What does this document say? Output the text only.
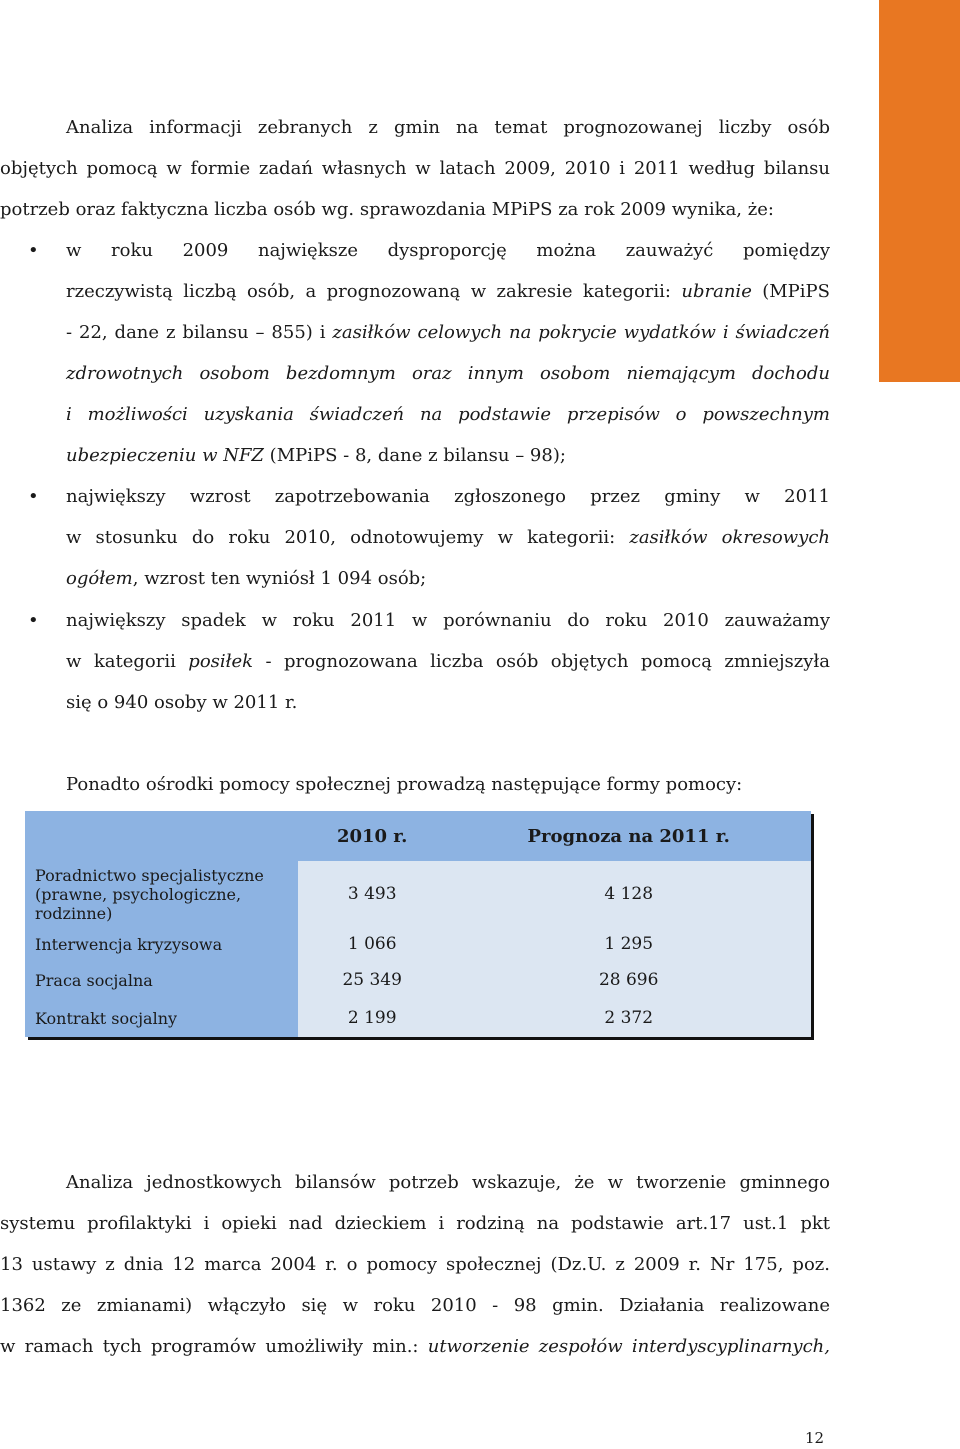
Analiza informacji zebranych z gmin na temat prognozowanej liczby osób
objętych pomocą w formie zadań własnych w latach 2009, 2010 i 2011 według bilansu
potrzeb oraz faktyczna liczba osób wg. sprawozdania MPiPS za rok 2009 wynika, że:
• w roku 2009 największe dysproporcję można zauważyć pomiędzy
rzeczywistą liczbą osób, a prognozowaną w zakresie kategorii: ubranie (MPiPS
- 22, dane z bilansu – 855) i zasiłków celowych na pokrycie wydatków i świadczeń
zdrowotnych osobom bezdomnym oraz innym osobom niemającym dochodu
i możliwości uzyskania świadczeń na podstawie przepisów o powszechnym
ubezpieczeniu w NFZ (MPiPS - 8, dane z bilansu – 98);
• największy wzrost zapotrzebowania zgłoszonego przez gminy w 2011
w stosunku do roku 2010, odnotowujemy w kategorii: zasiłków okresowych
ogółem, wzrost ten wyniósł 1 094 osób;
• największy spadek w roku 2011 w porównaniu do roku 2010 zauważamy
w kategorii posiłek - prognozowana liczba osób objętych pomocą zmniejszyła
się o 940 osoby w 2011 r.
Ponadto ośrodki pomocy społecznej prowadzą następujące formy pomocy:
	2010 r.	Prognoza na 2011 r.
Poradnictwo specjalistyczne (prawne, psychologiczne, rodzinne)	3 493	4 128
Interwencja kryzysowa	1 066	1 295
Praca socjalna	25 349	28 696
Kontrakt socjalny	2 199	2 372
Analiza jednostkowych bilansów potrzeb wskazuje, że w tworzenie gminnego
systemu profilaktyki i opieki nad dzieckiem i rodziną na podstawie art.17 ust.1 pkt
13 ustawy z dnia 12 marca 2004 r. o pomocy społecznej (Dz.U. z 2009 r. Nr 175, poz.
1362 ze zmianami) włączyło się w roku 2010 - 98 gmin. Działania realizowane
w ramach tych programów umożliwiły min.: utworzenie zespołów interdyscyplinarnych,
12
